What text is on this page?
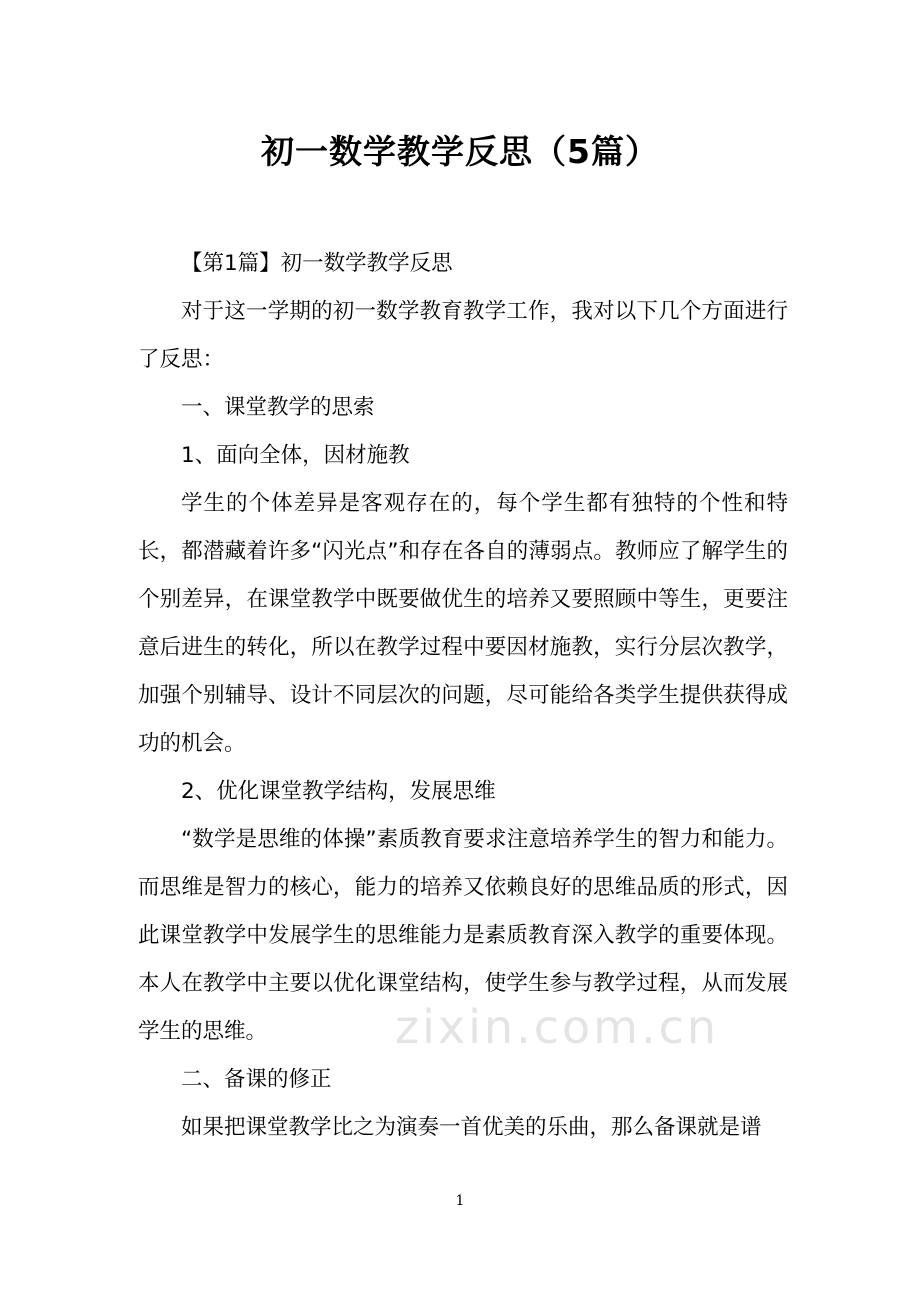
初一数学教学反思（5篇）

【第1篇】初一数学教学反思

对于这一学期的初一数学教育教学工作，我对以下几个方面进行了反思：

一、课堂教学的思索

1、面向全体，因材施教

学生的个体差异是客观存在的，每个学生都有独特的个性和特长，都潜藏着许多“闪光点”和存在各自的薄弱点。教师应了解学生的个别差异，在课堂教学中既要做优生的培养又要照顾中等生，更要注意后进生的转化，所以在教学过程中要因材施教，实行分层次教学，加强个别辅导、设计不同层次的问题，尽可能给各类学生提供获得成功的机会。

2、优化课堂教学结构，发展思维

“数学是思维的体操”素质教育要求注意培养学生的智力和能力。而思维是智力的核心，能力的培养又依赖良好的思维品质的形式，因此课堂教学中发展学生的思维能力是素质教育深入教学的重要体现。本人在教学中主要以优化课堂结构，使学生参与教学过程，从而发展学生的思维。

二、备课的修正

如果把课堂教学比之为演奏一首优美的乐曲，那么备课就是谱

zixin.com.cn
1
